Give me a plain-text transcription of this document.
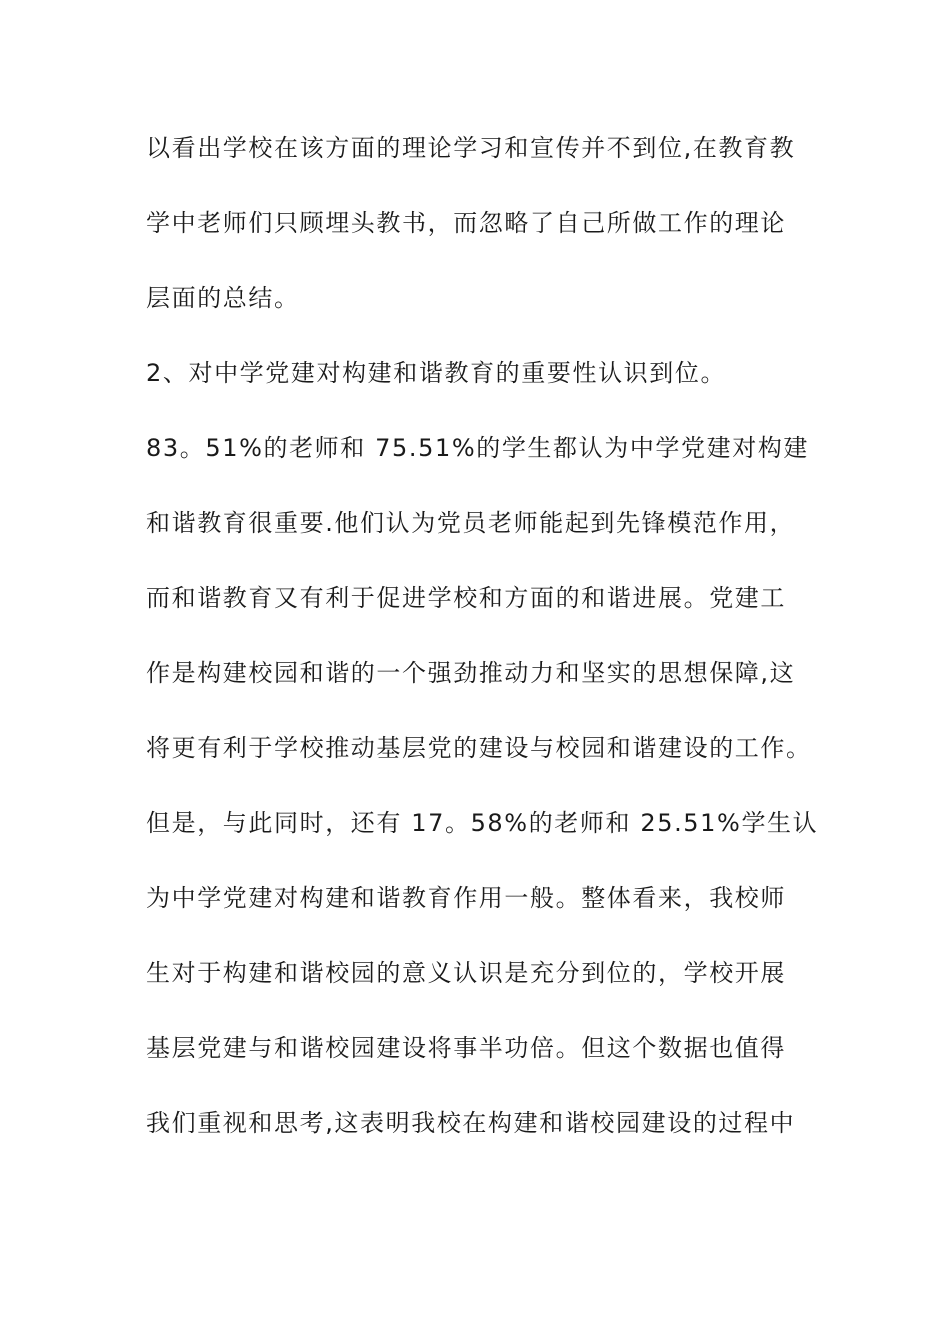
以看出学校在该方面的理论学习和宣传并不到位,在教育教
学中老师们只顾埋头教书，而忽略了自己所做工作的理论
层面的总结。
2、对中学党建对构建和谐教育的重要性认识到位。
83。51%的老师和 75.51%的学生都认为中学党建对构建
和谐教育很重要.他们认为党员老师能起到先锋模范作用，
而和谐教育又有利于促进学校和方面的和谐进展。党建工
作是构建校园和谐的一个强劲推动力和坚实的思想保障,这
将更有利于学校推动基层党的建设与校园和谐建设的工作。
但是，与此同时，还有 17。58%的老师和 25.51%学生认
为中学党建对构建和谐教育作用一般。整体看来，我校师
生对于构建和谐校园的意义认识是充分到位的，学校开展
基层党建与和谐校园建设将事半功倍。但这个数据也值得
我们重视和思考,这表明我校在构建和谐校园建设的过程中
